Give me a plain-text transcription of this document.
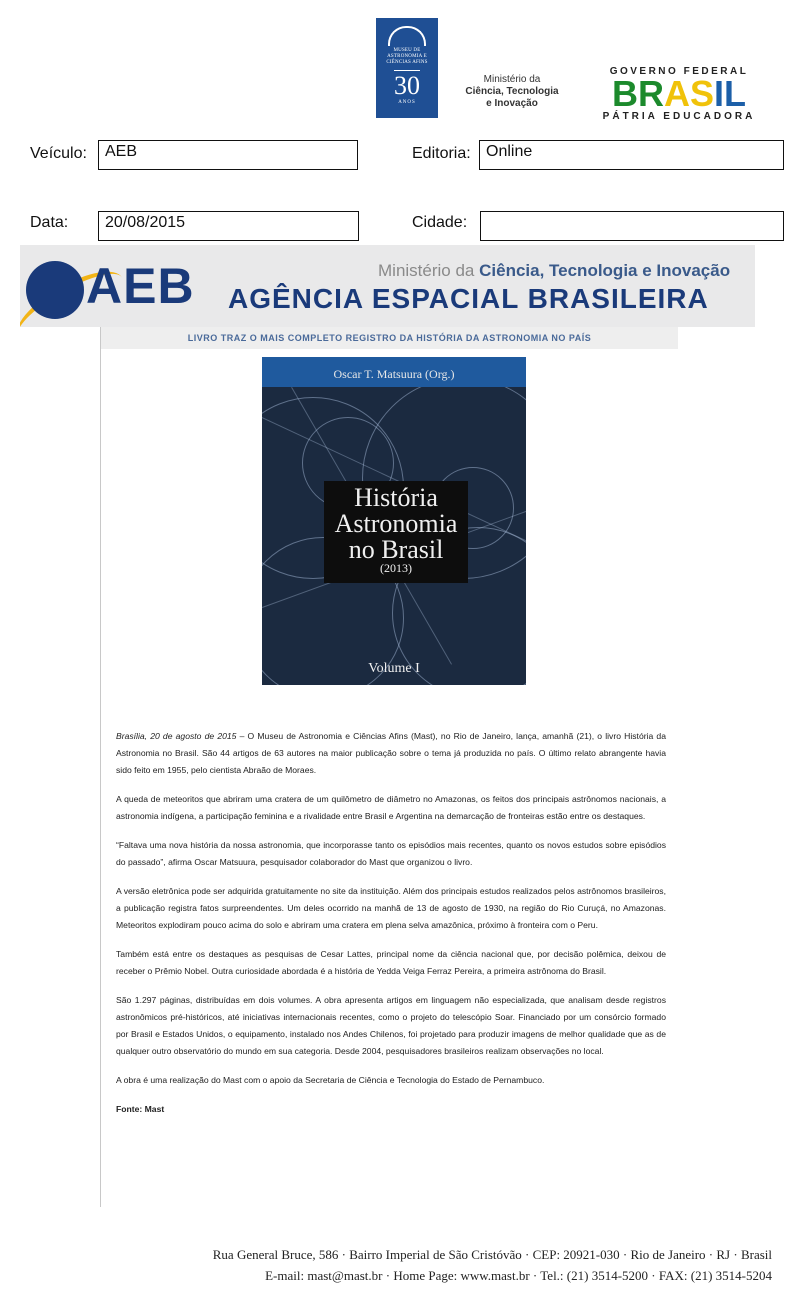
MUSEU DE ASTRONOMIA E CIÊNCIAS AFINS
30
ANOS
Ministério da
Ciência, Tecnologia
e Inovação
GOVERNO FEDERAL
BRASIL
PÁTRIA EDUCADORA
Veículo:	AEB	Editoria: Online
Data:	20/08/2015	Cidade:
AEB	Ministério da Ciência, Tecnologia e Inovação
AGÊNCIA ESPACIAL BRASILEIRA
LIVRO TRAZ O MAIS COMPLETO REGISTRO DA HISTÓRIA DA ASTRONOMIA NO PAÍS
Oscar T. Matsuura (Org.)
História
Astronomia
no Brasil
(2013)
Volume I

Brasília, 20 de agosto de 2015 – O Museu de Astronomia e Ciências Afins (Mast), no Rio de Janeiro, lança, amanhã (21), o livro História da Astronomia no Brasil. São 44 artigos de 63 autores na maior publicação sobre o tema já produzida no país. O último relato abrangente havia sido feito em 1955, pelo cientista Abraão de Moraes.

A queda de meteoritos que abriram uma cratera de um quilômetro de diâmetro no Amazonas, os feitos dos principais astrônomos nacionais, a astronomia indígena, a participação feminina e a rivalidade entre Brasil e Argentina na demarcação de fronteiras estão entre os destaques.

“Faltava uma nova história da nossa astronomia, que incorporasse tanto os episódios mais recentes, quanto os novos estudos sobre episódios do passado”, afirma Oscar Matsuura, pesquisador colaborador do Mast que organizou o livro.

A versão eletrônica pode ser adquirida gratuitamente no site da instituição. Além dos principais estudos realizados pelos astrônomos brasileiros, a publicação registra fatos surpreendentes. Um deles ocorrido na manhã de 13 de agosto de 1930, na região do Rio Curuçá, no Amazonas. Meteoritos explodiram pouco acima do solo e abriram uma cratera em plena selva amazônica, próximo à fronteira com o Peru.

Também está entre os destaques as pesquisas de Cesar Lattes, principal nome da ciência nacional que, por decisão polêmica, deixou de receber o Prêmio Nobel. Outra curiosidade abordada é a história de Yedda Veiga Ferraz Pereira, a primeira astrônoma do Brasil.

São 1.297 páginas, distribuídas em dois volumes. A obra apresenta artigos em linguagem não especializada, que analisam desde registros astronômicos pré-históricos, até iniciativas internacionais recentes, como o projeto do telescópio Soar. Financiado por um consórcio formado por Brasil e Estados Unidos, o equipamento, instalado nos Andes Chilenos, foi projetado para produzir imagens de melhor qualidade que as de qualquer outro observatório do mundo em sua categoria. Desde 2004, pesquisadores brasileiros realizam observações no local.

A obra é uma realização do Mast com o apoio da Secretaria de Ciência e Tecnologia do Estado de Pernambuco.

Fonte: Mast

Rua General Bruce, 586 · Bairro Imperial de São Cristóvão · CEP: 20921-030 · Rio de Janeiro · RJ · Brasil
E-mail: mast@mast.br · Home Page: www.mast.br · Tel.: (21) 3514-5200 · FAX: (21) 3514-5204
